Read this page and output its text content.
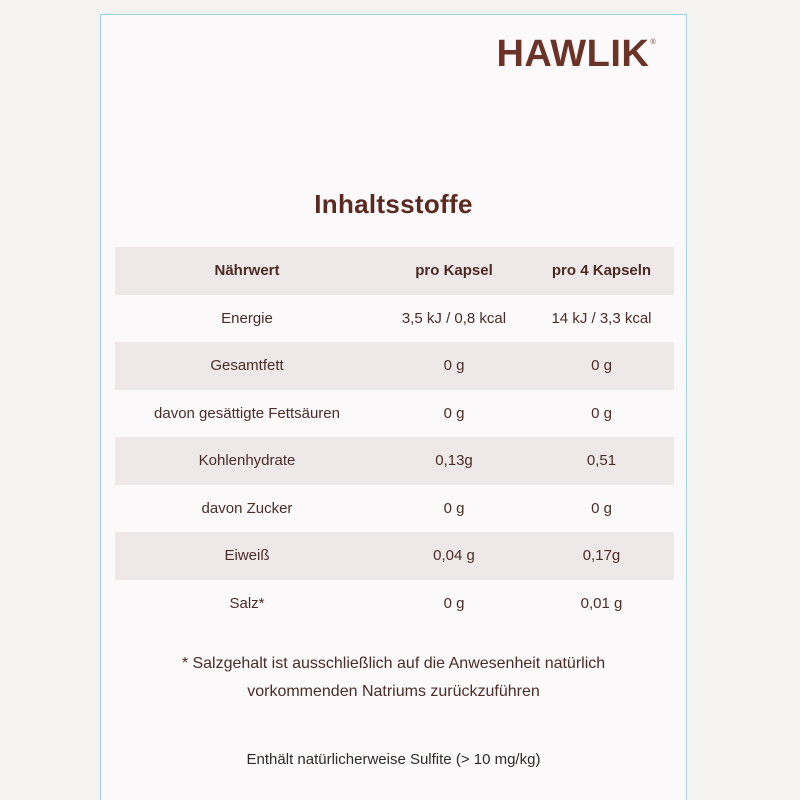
HAWLIK®
Inhaltsstoffe
Nährwert	pro Kapsel	pro 4 Kapseln
Energie	3,5 kJ / 0,8 kcal	14 kJ / 3,3 kcal
Gesamtfett	0 g	0 g
davon gesättigte Fettsäuren	0 g	0 g
Kohlenhydrate	0,13g	0,51
davon Zucker	0 g	0 g
Eiweiß	0,04 g	0,17g
Salz*	0 g	0,01 g
* Salzgehalt ist ausschließlich auf die Anwesenheit natürlich
vorkommenden Natriums zurückzuführen
Enthält natürlicherweise Sulfite (> 10 mg/kg)
